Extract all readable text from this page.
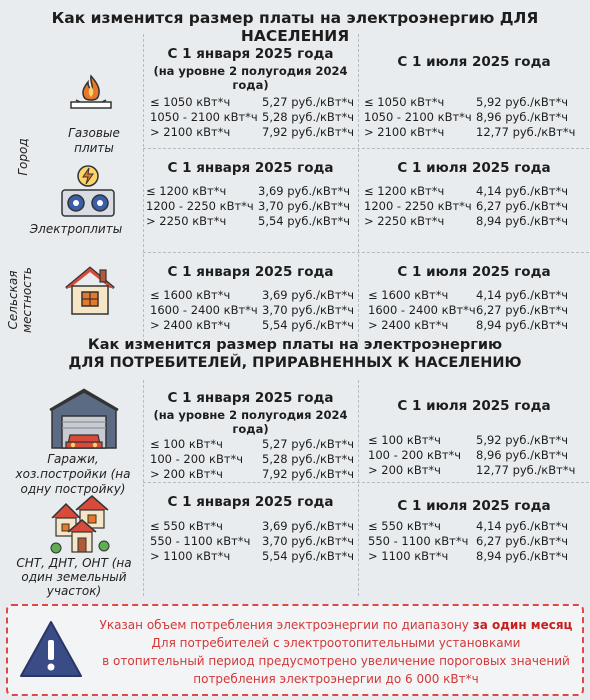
Как изменится размер платы на электроэнергию ДЛЯ НАСЕЛЕНИЯ
Город
Сельская местность
Газовые плиты
Электроплиты
С 1 января 2025 года
(на уровне 2 полугодия 2024 года)
≤ 1050 кВт*ч	5,27 руб./кВт*ч
1050 - 2100 кВт*ч 5,28 руб./кВт*ч
> 2100 кВт*ч	7,92 руб./кВт*ч
С 1 июля 2025 года
≤ 1050 кВт*ч	5,92 руб./кВт*ч
1050 - 2100 кВт*ч 8,96 руб./кВт*ч
> 2100 кВт*ч	12,77 руб./кВт*ч
С 1 января 2025 года
≤ 1200 кВт*ч	3,69 руб./кВт*ч
1200 - 2250 кВт*ч 3,70 руб./кВт*ч
> 2250 кВт*ч	5,54 руб./кВт*ч
С 1 июля 2025 года
≤ 1200 кВт*ч	4,14 руб./кВт*ч
1200 - 2250 кВт*ч 6,27 руб./кВт*ч
> 2250 кВт*ч	8,94 руб./кВт*ч
С 1 января 2025 года
≤ 1600 кВт*ч	3,69 руб./кВт*ч
1600 - 2400 кВт*ч 3,70 руб./кВт*ч
> 2400 кВт*ч	5,54 руб./кВт*ч
С 1 июля 2025 года
≤ 1600 кВт*ч 4,14 руб./кВт*ч
1600 - 2400 кВт*ч 6,27 руб./кВт*ч
> 2400 кВт*ч 8,94 руб./кВт*ч
Как изменится размер платы на электроэнергию
ДЛЯ ПОТРЕБИТЕЛЕЙ, ПРИРАВНЕННЫХ К НАСЕЛЕНИЮ
Гаражи, хоз.постройки (на одну постройку)
СНТ, ДНТ, ОНТ (на один земельный участок)
С 1 января 2025 года
(на уровне 2 полугодия 2024 года)
≤ 100 кВт*ч	5,27 руб./кВт*ч
100 - 200 кВт*ч 5,28 руб./кВт*ч
> 200 кВт*ч	7,92 руб./кВт*ч
С 1 июля 2025 года
≤ 100 кВт*ч	5,92 руб./кВт*ч
100 - 200 кВт*ч 8,96 руб./кВт*ч
> 200 кВт*ч	12,77 руб./кВт*ч
С 1 января 2025 года
≤ 550 кВт*ч	3,69 руб./кВт*ч
550 - 1100 кВт*ч 3,70 руб./кВт*ч
> 1100 кВт*ч	5,54 руб./кВт*ч
С 1 июля 2025 года
≤ 550 кВт*ч	4,14 руб./кВт*ч
550 - 1100 кВт*ч 6,27 руб./кВт*ч
> 1100 кВт*ч 8,94 руб./кВт*ч
Указан объем потребления электроэнергии по диапазону за один месяц
Для потребителей с электроотопительными установками
в отопительный период предусмотрено увеличение пороговых значений
потребления электроэнергии до 6 000 кВт*ч
